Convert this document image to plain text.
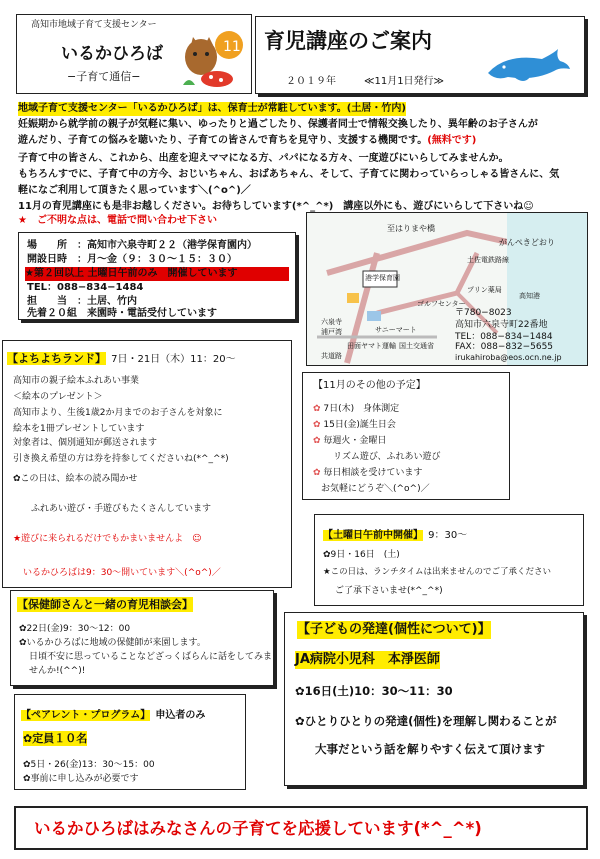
高知市地域子育て支援センター
いるかひろば
−子育て通信−
11 育児講座のご案内
２０１９年	≪11月1日発行≫
地域子育て支援センター「いるかひろば」は、保育士が常駐しています。(土居・竹内)
妊娠期から就学前の親子が気軽に集い、ゆったりと過ごしたり、保護者同士で情報交換したり、異年齢のお子さんが
遊んだり、子育ての悩みを聴いたり、子育ての皆さんで育ちを見守り、支援する機関です。(無料です)
子育て中の皆さん、これから、出産を迎えママになる方、パパになる方々、一度遊びにいらしてみませんか。
もちろんすでに、子育て中の方今、おじいちゃん、おばあちゃん、そして、子育てに関わっていらっしゃる皆さんに、気
軽になご利用して頂きたく思っています＼(^o^)／
11月の育児講座にも是非お越しください。お待ちしています(*^_^*)　講座以外にも、遊びにいらして下さいね☺
★　ご不明な点は、電話で問い合わせ下さい
場　　所　：高知市六泉寺町２２（港学保育園内）
開設日時　：月～金（９：３０～１５：３０）
★第２回以上 土曜日午前のみ　開催しています
TEL：088−834−1484
担　　当　：土居、竹内
先着２０組　来園時・電話受付しています
至はりまや橋
がんぺきどおり
土佐電鉄路線
港学保育園
プリン薬局
高知港
ゴルフセンター
サニーマート
六泉寺
浦戸湾
田面ヤマト運輸 国土交通省
共道路
〒780−8023
高知市六泉寺町22番地
TEL：088−834−1484
FAX：088−832−5655
irukahiroba@eos.ocn.ne.jp
【よちよちランド】 7日・21日（木）11：20～
高知市の親子絵本ふれあい事業
＜絵本のプレゼント＞
高知市より、生後1歳2か月までのお子さんを対象に
絵本を1冊プレゼントしています
対象者は、個別通知が郵送されます
引き換え希望の方は券を持参してくださいね(*^_^*)
✿この日は、絵本の読み聞かせ
ふれあい遊び・手遊びもたくさんしています
★遊びに来られるだけでもかまいませんよ　☺
いるかひろばは9：30〜開いています＼(^o^)／
【11月のその他の予定】
✿ 7日(木)　身体測定
✿ 15日(金)誕生日会
✿ 毎週火・金曜日
リズム遊び、ふれあい遊び
✿ 毎日相談を受けています
お気軽にどうぞ＼(^o^)／
【土曜日午前中開催】 9：30～
✿9日・16日　(土)
★この日は、ランチタイムは出来ませんのでご了承ください
ご了承下さいませ(*^_^*)
【保健師さんと一緒の育児相談会】
✿22日(金)9：30〜12：00
✿いるかひろばに地域の保健師が来園します。
日頃不安に思っていることなどざっくばらんに話をしてみま
せんか!(^^)!
【ペアレント・プログラム】 申込者のみ
✿定員１０名
✿5日・26(金)13：30〜15：00
✿事前に申し込みが必要です
【子どもの発達(個性について)】
JA病院小児科　本淨医師
✿16日(土)10：30〜11：30
✿ひとりひとりの発達(個性)を理解し関わることが
大事だという話を解りやすく伝えて頂けます
いるかひろばはみなさんの子育てを応援しています(*^_^*)
